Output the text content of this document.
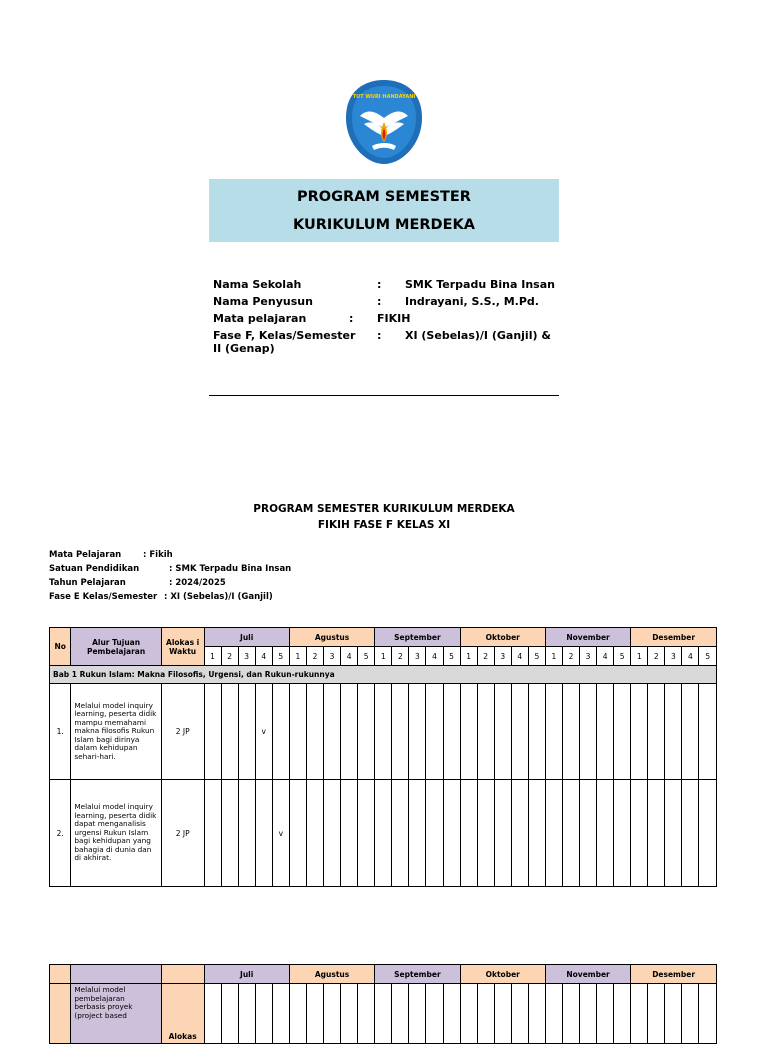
TUT WURI HANDAYANI
PROGRAM SEMESTER
KURIKULUM MERDEKA
Nama Sekolah	: SMK Terpadu Bina Insan
Nama Penyusun	: Indrayani, S.S., M.Pd.
Mata pelajaran	: FIKIH
Fase F, Kelas/Semester	: XI (Sebelas)/I (Ganjil) &
II (Genap)
PROGRAM SEMESTER KURIKULUM MERDEKA
FIKIH FASE F KELAS XI
Mata Pelajaran	: Fikih
Satuan Pendidikan	: SMK Terpadu Bina Insan
Tahun Pelajaran	: 2024/2025
Fase E Kelas/Semester : XI (Sebelas)/I (Ganjil)
No	Alur Tujuan Pembelajaran	Alokas i Waktu	Juli					Agustus					September					Oktober					November					Desember				
			1	2	3	4	5	1	2	3	4	5	1	2	3	4	5	1	2	3	4	5	1	2	3	4	5	1	2	3	4	5
Bab 1 Rukun Islam: Makna Filosofis, Urgensi, dan Rukun-rukunnya																																
1.	Melalui model inquiry learning, peserta didik mampu memahami makna filosofis Rukun Islam bagi dirinya dalam kehidupan sehari-hari.	2 JP				v																										
2.	Melalui model inquiry learning, peserta didik dapat menganalisis urgensi Rukun Islam bagi kehidupan yang bahagia di dunia dan di akhirat.	2 JP					v																									
			Juli					Agustus					September					Oktober					November					Desember				
	Melalui model pembelajaran berbasis proyek (project based	Alokas																														
